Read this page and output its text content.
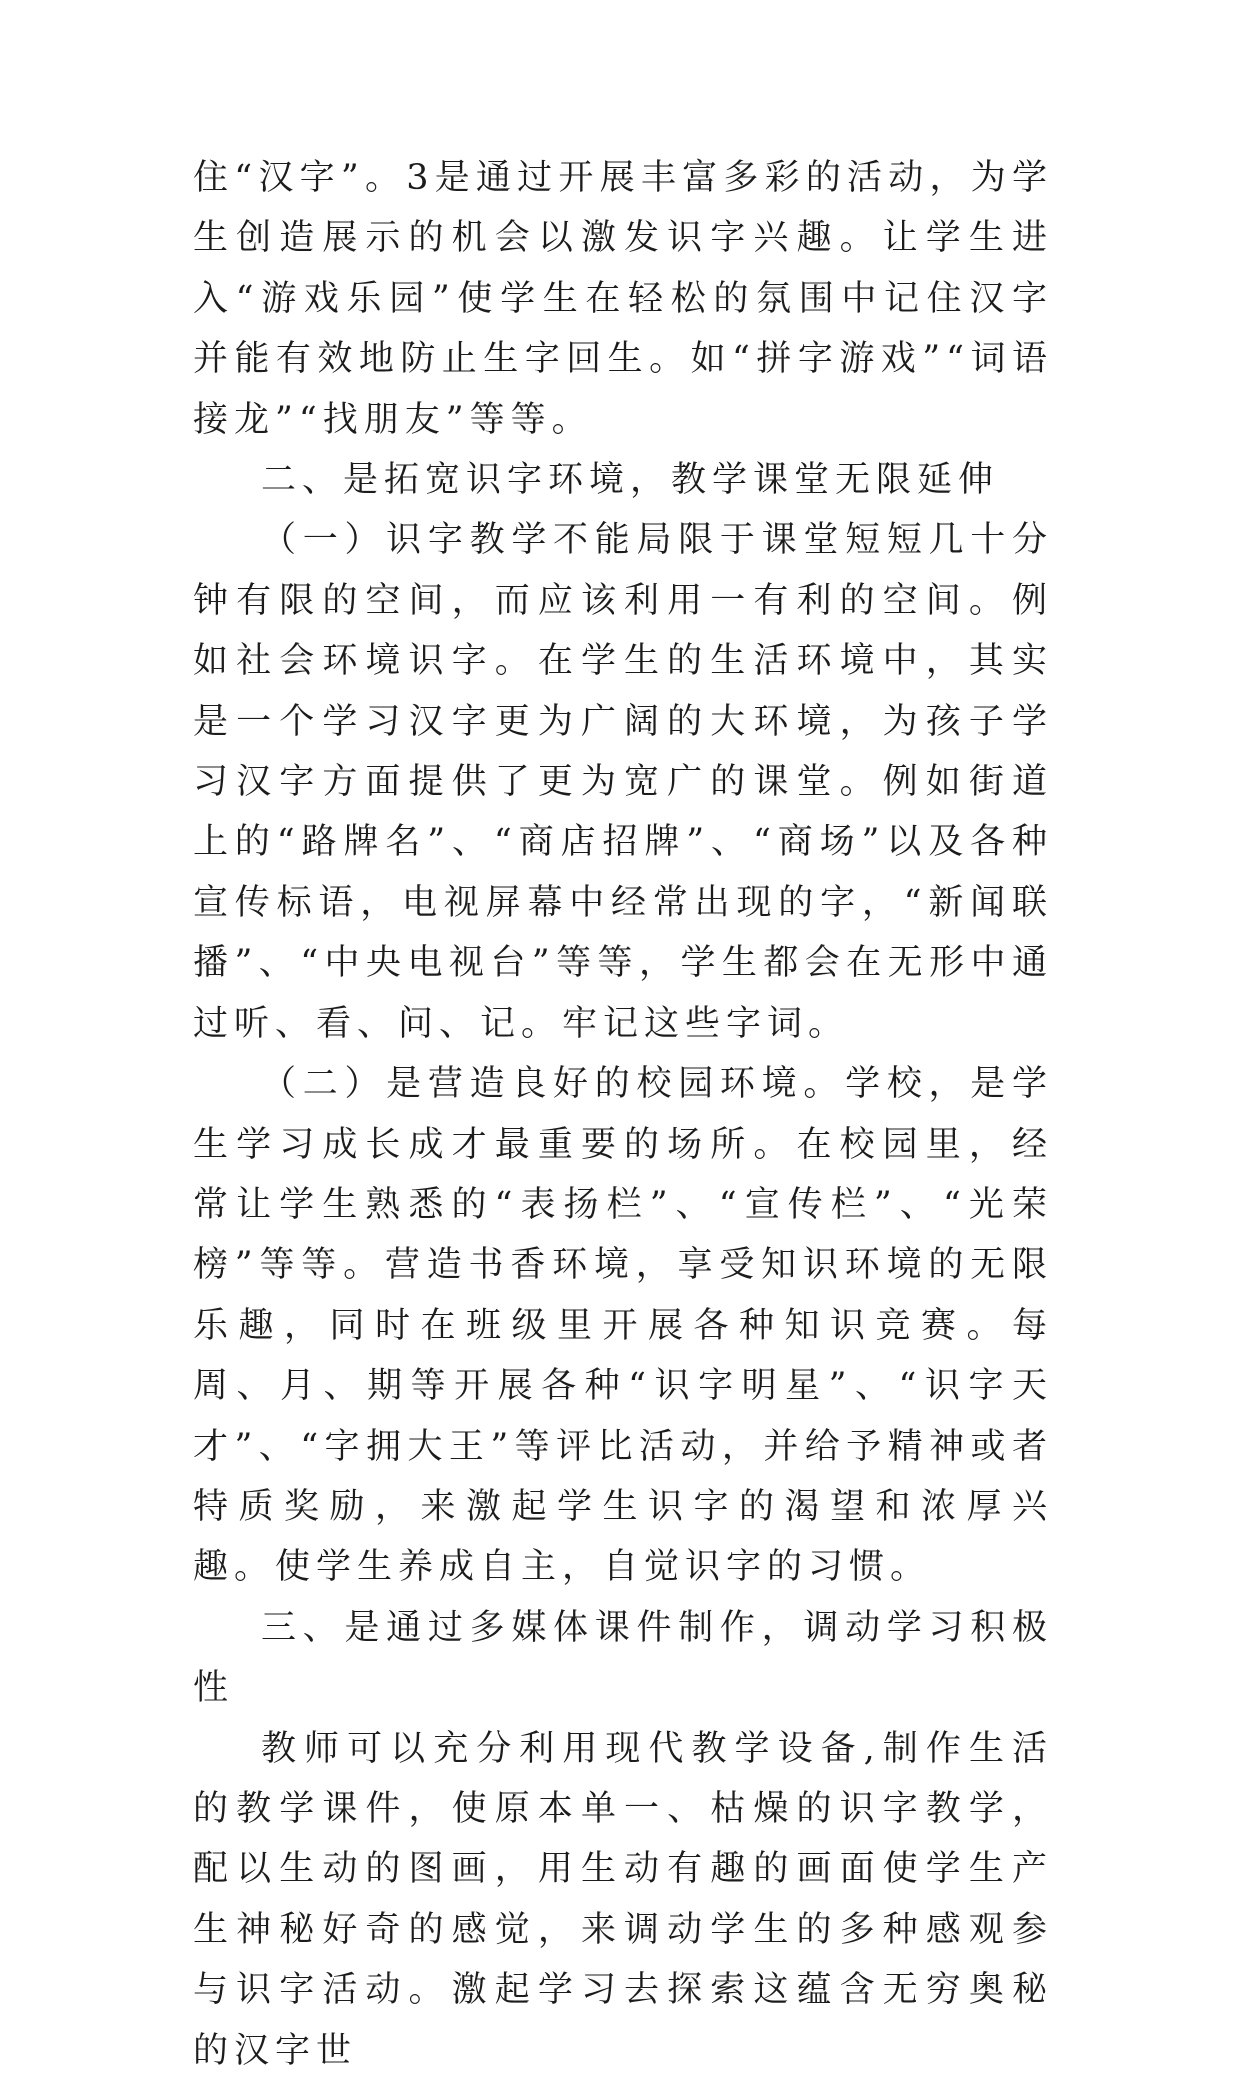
住“汉字”。3是通过开展丰富多彩的活动，为学生创造展示的机会以激发识字兴趣。让学生进入“游戏乐园”使学生在轻松的氛围中记住汉字并能有效地防止生字回生。如“拼字游戏”“词语接龙”“找朋友”等等。

二、是拓宽识字环境，教学课堂无限延伸

（一）识字教学不能局限于课堂短短几十分钟有限的空间，而应该利用一有利的空间。例如社会环境识字。在学生的生活环境中，其实是一个学习汉字更为广阔的大环境，为孩子学习汉字方面提供了更为宽广的课堂。例如街道上的“路牌名”、“商店招牌”、“商场”以及各种宣传标语，电视屏幕中经常出现的字，“新闻联播”、“中央电视台”等等，学生都会在无形中通过听、看、问、记。牢记这些字词。

（二）是营造良好的校园环境。学校，是学生学习成长成才最重要的场所。在校园里，经常让学生熟悉的“表扬栏”、“宣传栏”、“光荣榜”等等。营造书香环境，享受知识环境的无限乐趣，同时在班级里开展各种知识竞赛。每周、月、期等开展各种“识字明星”、“识字天才”、“字拥大王”等评比活动，并给予精神或者特质奖励，来激起学生识字的渴望和浓厚兴趣。使学生养成自主，自觉识字的习惯。

三、是通过多媒体课件制作，调动学习积极性

教师可以充分利用现代教学设备,制作生活的教学课件，使原本单一、枯燥的识字教学，配以生动的图画，用生动有趣的画面使学生产生神秘好奇的感觉，来调动学生的多种感观参与识字活动。激起学习去探索这蕴含无穷奥秘的汉字世
